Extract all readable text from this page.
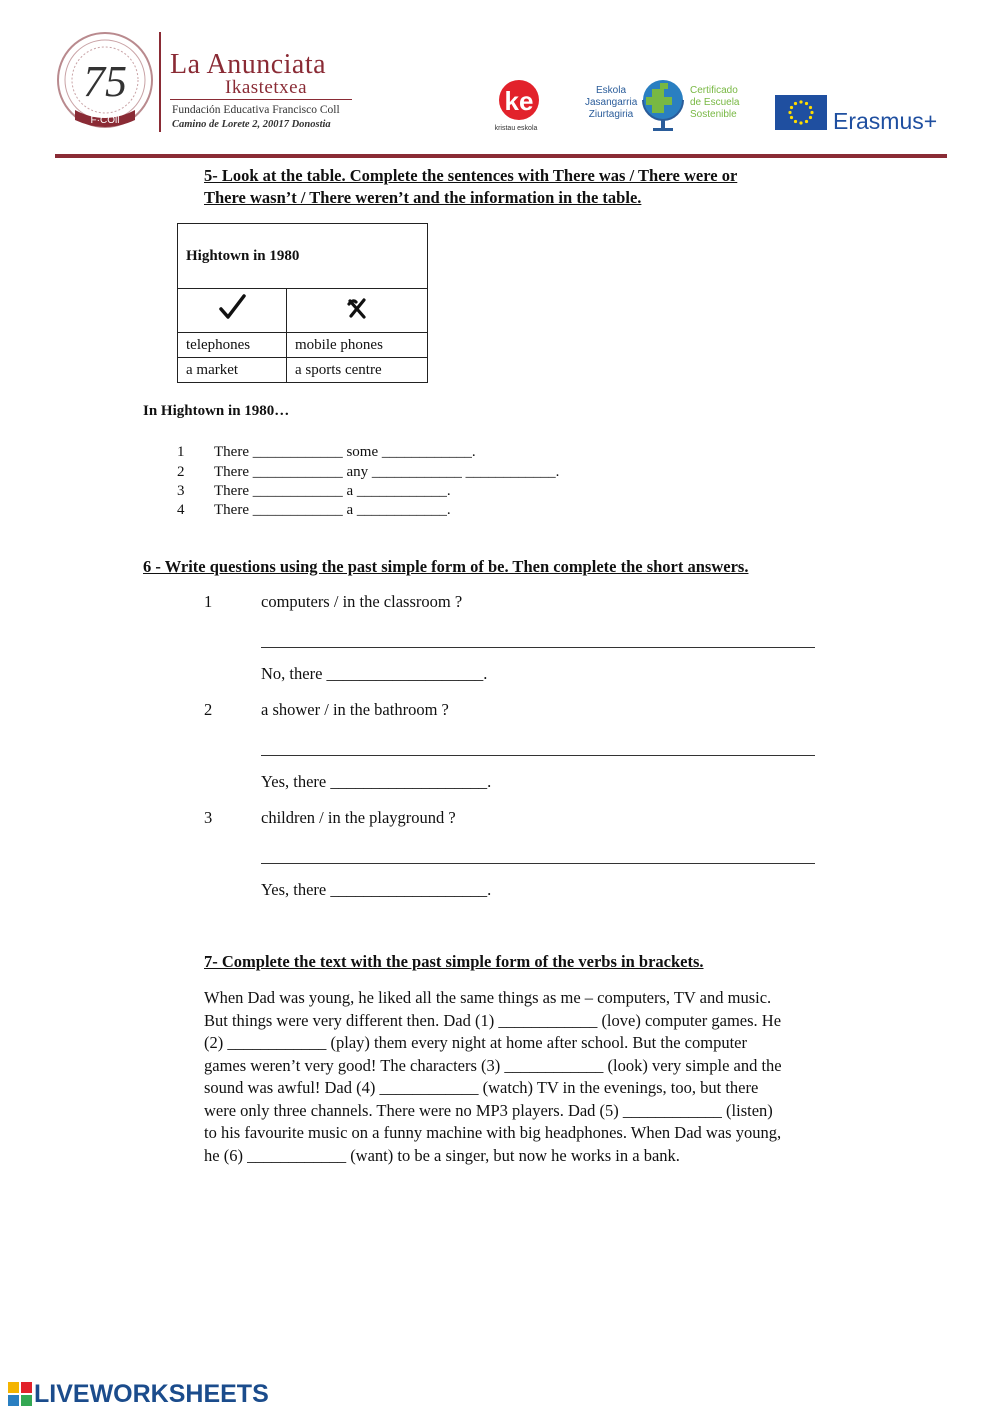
75
F·COll
La Anunciata
Ikastetxea
Fundación Educativa Francisco Coll
Camino de Lorete 2, 20017 Donostia
ke
kristau eskola
Eskola
Jasangarria
Ziurtagiria
Certificado
de Escuela
Sostenible	Erasmus+
5- Look at the table. Complete the sentences with There was / There were or
There wasn’t / There weren’t and the information in the table.
Hightown in 1980	

telephones	mobile phones
a market	a sports centre
In Hightown in 1980…
1 There ____________ some ____________.
2 There ____________ any ____________ ____________.
3 There ____________ a ____________.
4 There ____________ a ____________.
6 - Write questions using the past simple form of be. Then complete the short answers.
1	computers / in the classroom ?
No, there ___________________.
2	a shower / in the bathroom ?
Yes, there ___________________.
3	children / in the playground ?
Yes, there ___________________.
7- Complete the text with the past simple form of the verbs in brackets.
When Dad was young, he liked all the same things as me – computers, TV and music.
But things were very different then. Dad (1) ____________ (love) computer games. He
(2) ____________ (play) them every night at home after school. But the computer
games weren’t very good! The characters (3) ____________ (look) very simple and the
sound was awful! Dad (4) ____________ (watch) TV in the evenings, too, but there
were only three channels. There were no MP3 players. Dad (5) ____________ (listen)
to his favourite music on a funny machine with big headphones. When Dad was young,
he (6) ____________ (want) to be a singer, but now he works in a bank.
LIVEWORKSHEETS
